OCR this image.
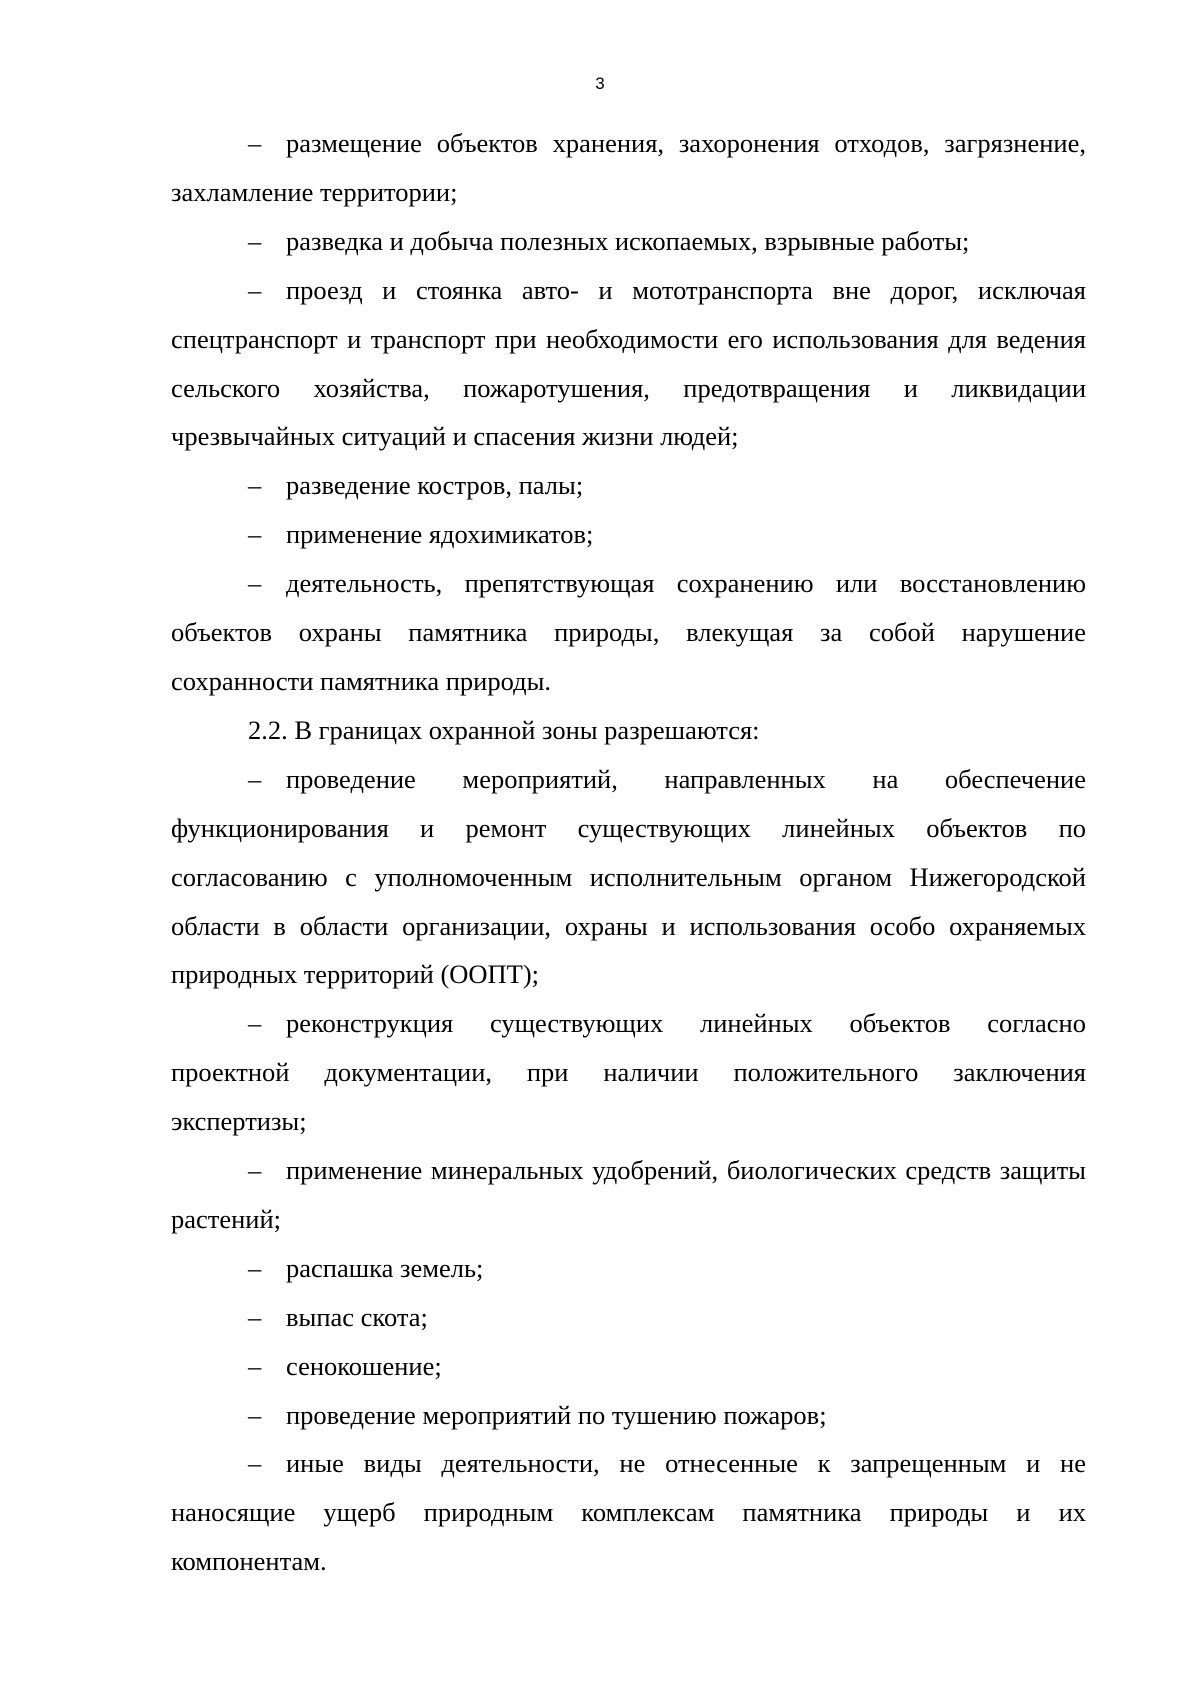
3

– размещение объектов хранения, захоронения отходов, загрязнение, захламление территории;

– разведка и добыча полезных ископаемых, взрывные работы;

– проезд и стоянка авто- и мототранспорта вне дорог, исключая спецтранспорт и транспорт при необходимости его использования для ведения сельского хозяйства, пожаротушения, предотвращения и ликвидации чрезвычайных ситуаций и спасения жизни людей;

– разведение костров, палы;

– применение ядохимикатов;

– деятельность, препятствующая сохранению или восстановлению объектов охраны памятника природы, влекущая за собой нарушение сохранности памятника природы.

2.2. В границах охранной зоны разрешаются:

– проведение мероприятий, направленных на обеспечение функционирования и ремонт существующих линейных объектов по согласованию с уполномоченным исполнительным органом Нижегородской области в области организации, охраны и использования особо охраняемых природных территорий (ООПТ);

– реконструкция существующих линейных объектов согласно проектной документации, при наличии положительного заключения экспертизы;

– применение минеральных удобрений, биологических средств защиты растений;

– распашка земель;

– выпас скота;

– сенокошение;

– проведение мероприятий по тушению пожаров;

– иные виды деятельности, не отнесенные к запрещенным и не наносящие ущерб природным комплексам памятника природы и их компонентам.
